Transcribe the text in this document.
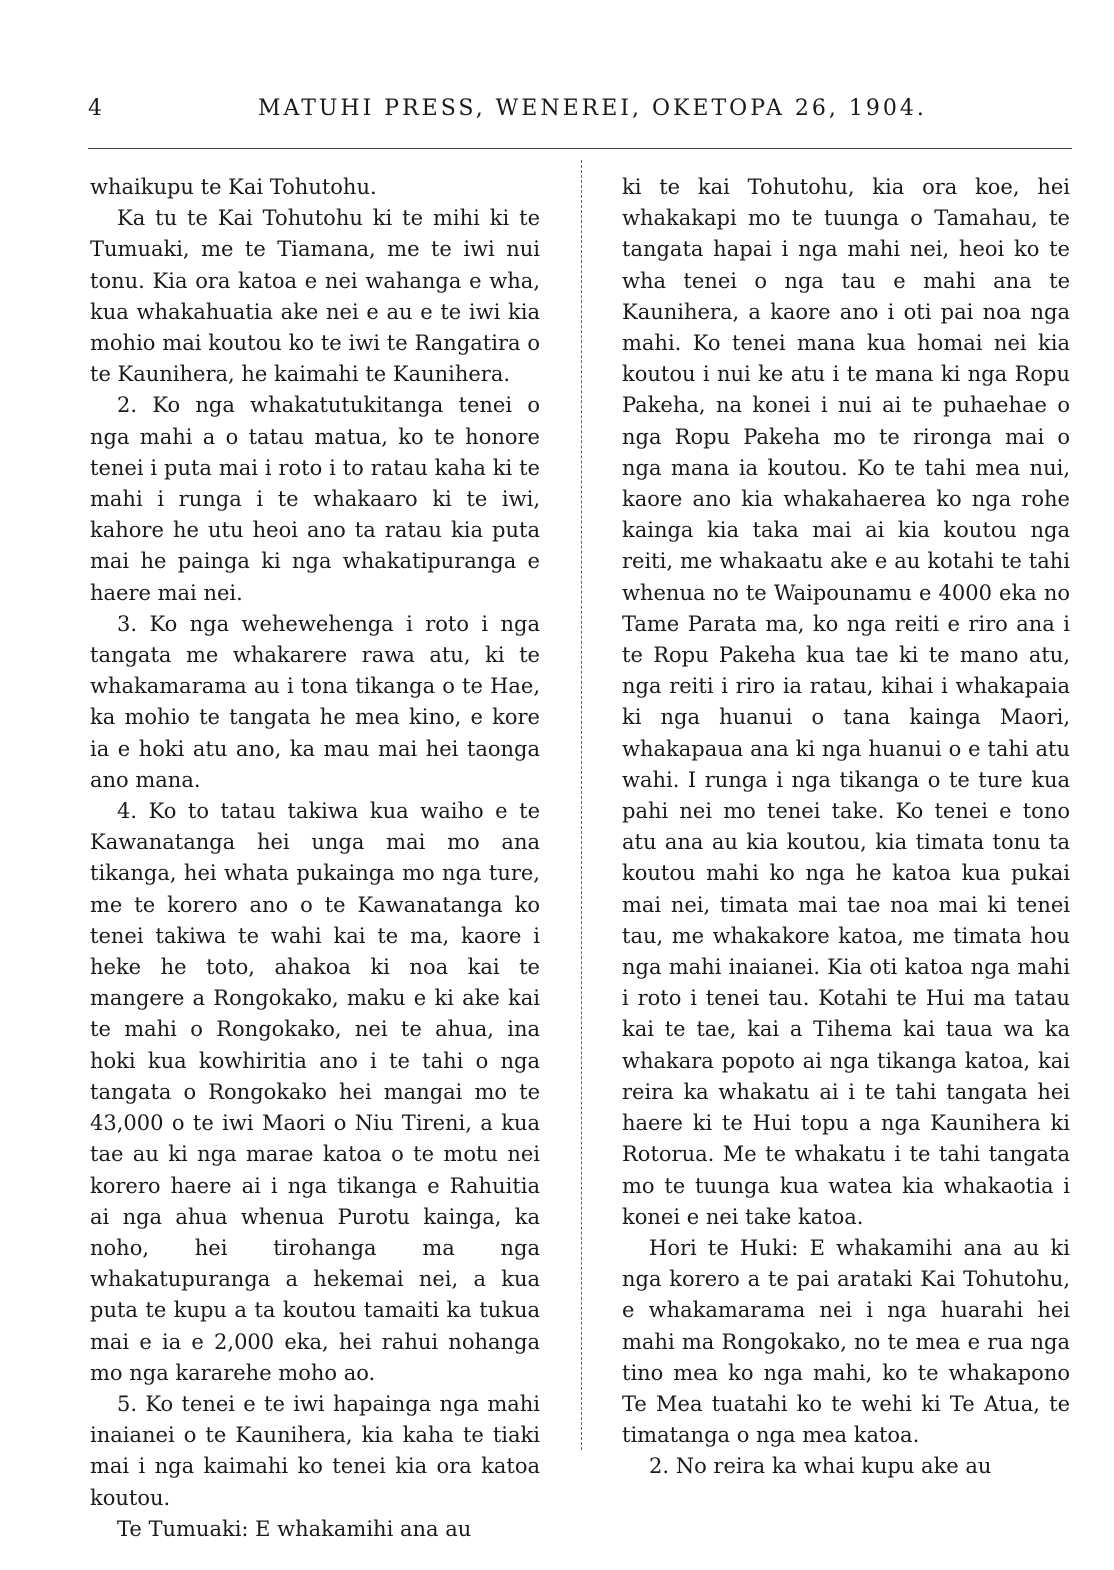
4	MATUHI PRESS, WENEREI, OKETOPA 26, 1904.

whaikupu te Kai Tohutohu.

Ka tu te Kai Tohutohu ki te mihi ki te Tumuaki, me te Tiamana, me te iwi nui tonu. Kia ora katoa e nei wahanga e wha, kua whakahuatia ake nei e au e te iwi kia mohio mai koutou ko te iwi te Rangatira o te Kaunihera, he kaimahi te Kaunihera.

2. Ko nga whakatutukitanga tenei o nga mahi a o tatau matua, ko te honore tenei i puta mai i roto i to ratau kaha ki te mahi i runga i te whakaaro ki te iwi, kahore he utu heoi ano ta ratau kia puta mai he painga ki nga whakatipuranga e haere mai nei.

3. Ko nga wehewehenga i roto i nga tangata me whakarere rawa atu, ki te whakamarama au i tona tikanga o te Hae, ka mohio te tangata he mea kino, e kore ia e hoki atu ano, ka mau mai hei taonga ano mana.

4. Ko to tatau takiwa kua waiho e te Kawanatanga hei unga mai mo ana tikanga, hei whata pukainga mo nga ture, me te korero ano o te Kawanatanga ko tenei takiwa te wahi kai te ma, kaore i heke he toto, ahakoa ki noa kai te mangere a Rongokako, maku e ki ake kai te mahi o Rongokako, nei te ahua, ina hoki kua kowhiritia ano i te tahi o nga tangata o Rongokako hei mangai mo te 43,000 o te iwi Maori o Niu Tireni, a kua tae au ki nga marae katoa o te motu nei korero haere ai i nga tikanga e Rahuitia ai nga ahua whenua Purotu kainga, ka noho, hei tirohanga ma nga whakatupuranga a hekemai nei, a kua puta te kupu a ta koutou tamaiti ka tukua mai e ia e 2,000 eka, hei rahui nohanga mo nga kararehe moho ao.

5. Ko tenei e te iwi hapainga nga mahi inaianei o te Kaunihera, kia kaha te tiaki mai i nga kaimahi ko tenei kia ora katoa koutou.

Te Tumuaki: E whakamihi ana au

ki te kai Tohutohu, kia ora koe, hei whakakapi mo te tuunga o Tamahau, te tangata hapai i nga mahi nei, heoi ko te wha tenei o nga tau e mahi ana te Kaunihera, a kaore ano i oti pai noa nga mahi. Ko tenei mana kua homai nei kia koutou i nui ke atu i te mana ki nga Ropu Pakeha, na konei i nui ai te puhaehae o nga Ropu Pakeha mo te rironga mai o nga mana ia koutou. Ko te tahi mea nui, kaore ano kia whakahaerea ko nga rohe kainga kia taka mai ai kia koutou nga reiti, me whakaatu ake e au kotahi te tahi whenua no te Waipounamu e 4000 eka no Tame Parata ma, ko nga reiti e riro ana i te Ropu Pakeha kua tae ki te mano atu, nga reiti i riro ia ratau, kihai i whakapaia ki nga huanui o tana kainga Maori, whakapaua ana ki nga huanui o e tahi atu wahi. I runga i nga tikanga o te ture kua pahi nei mo tenei take. Ko tenei e tono atu ana au kia koutou, kia timata tonu ta koutou mahi ko nga he katoa kua pukai mai nei, timata mai tae noa mai ki tenei tau, me whakakore katoa, me timata hou nga mahi inaianei. Kia oti katoa nga mahi i roto i tenei tau. Kotahi te Hui ma tatau kai te tae, kai a Tihema kai taua wa ka whakara popoto ai nga tikanga katoa, kai reira ka whakatu ai i te tahi tangata hei haere ki te Hui topu a nga Kaunihera ki Rotorua. Me te whakatu i te tahi tangata mo te tuunga kua watea kia whakaotia i konei e nei take katoa.

Hori te Huki: E whakamihi ana au ki nga korero a te pai arataki Kai Tohutohu, e whakamarama nei i nga huarahi hei mahi ma Rongokako, no te mea e rua nga tino mea ko nga mahi, ko te whakapono Te Mea tuatahi ko te wehi ki Te Atua, te timatanga o nga mea katoa.

2. No reira ka whai kupu ake au
